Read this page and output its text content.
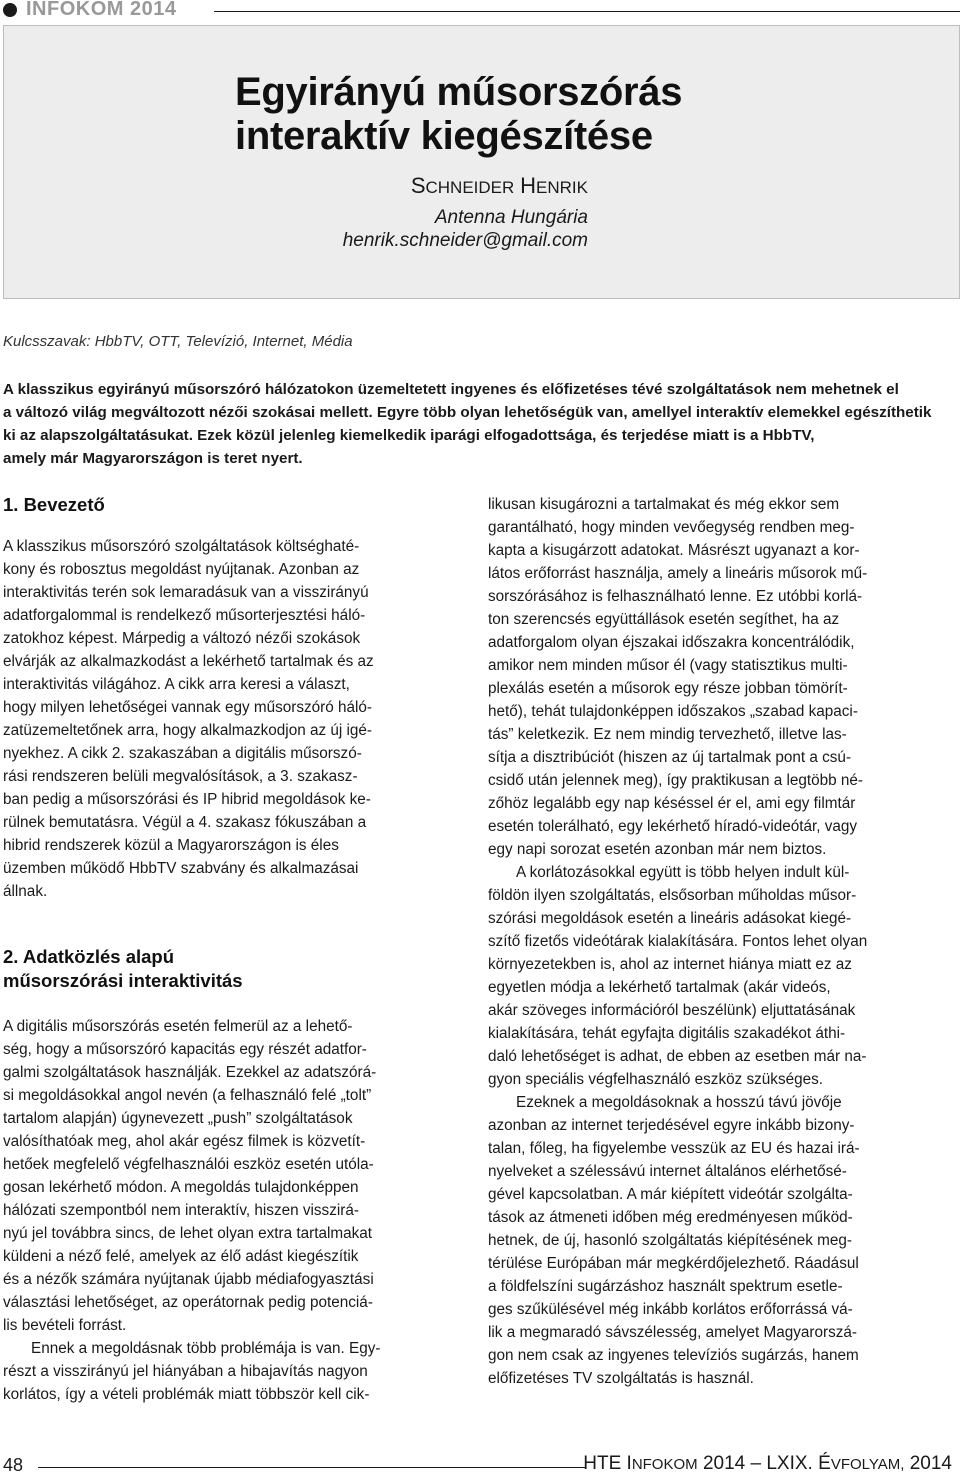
INFOKOM 2014
Egyirányú műsorszórás
interaktív kiegészítése
SCHNEIDER HENRIK
Antenna Hungária
henrik.schneider@gmail.com
Kulcsszavak: HbbTV, OTT, Televízió, Internet, Média
A klasszikus egyirányú műsorszóró hálózatokon üzemeltetett ingyenes és előfizetéses tévé szolgáltatások nem mehetnek el
a változó világ megváltozott nézői szokásai mellett. Egyre több olyan lehetőségük van, amellyel interaktív elemekkel egészíthetik
ki az alapszolgáltatásukat. Ezek közül jelenleg kiemelkedik iparági elfogadottsága, és terjedése miatt is a HbbTV,
amely már Magyarországon is teret nyert.
1. Bevezető
A klasszikus műsorszóró szolgáltatások költséghaté-
kony és robosztus megoldást nyújtanak. Azonban az
interaktivitás terén sok lemaradásuk van a visszirányú
adatforgalommal is rendelkező műsorterjesztési háló-
zatokhoz képest. Márpedig a változó nézői szokások
elvárják az alkalmazkodást a lekérhető tartalmak és az
interaktivitás világához. A cikk arra keresi a választ,
hogy milyen lehetőségei vannak egy műsorszóró háló-
zatüzemeltetőnek arra, hogy alkalmazkodjon az új igé-
nyekhez. A cikk 2. szakaszában a digitális műsorszó-
rási rendszeren belüli megvalósítások, a 3. szakasz-
ban pedig a műsorszórási és IP hibrid megoldások ke-
rülnek bemutatásra. Végül a 4. szakasz fókuszában a
hibrid rendszerek közül a Magyarországon is éles
üzemben működő HbbTV szabvány és alkalmazásai
állnak.
2. Adatközlés alapú
műsorszórási interaktivitás
A digitális műsorszórás esetén felmerül az a lehető-
ség, hogy a műsorszóró kapacitás egy részét adatfor-
galmi szolgáltatások használják. Ezekkel az adatszórá-
si megoldásokkal angol nevén (a felhasználó felé „tolt”
tartalom alapján) úgynevezett „push” szolgáltatások
valósíthatóak meg, ahol akár egész filmek is közvetít-
hetőek megfelelő végfelhasználói eszköz esetén utóla-
gosan lekérhető módon. A megoldás tulajdonképpen
hálózati szempontból nem interaktív, hiszen visszirá-
nyú jel továbbra sincs, de lehet olyan extra tartalmakat
küldeni a néző felé, amelyek az élő adást kiegészítik
és a nézők számára nyújtanak újabb médiafogyasztási
választási lehetőséget, az operátornak pedig potenciá-
lis bevételi forrást.
Ennek a megoldásnak több problémája is van. Egy-
részt a visszirányú jel hiányában a hibajavítás nagyon
korlátos, így a vételi problémák miatt többször kell cik-
likusan kisugározni a tartalmakat és még ekkor sem
garantálható, hogy minden vevőegység rendben meg-
kapta a kisugárzott adatokat. Másrészt ugyanazt a kor-
látos erőforrást használja, amely a lineáris műsorok mű-
sorszórásához is felhasználható lenne. Ez utóbbi korlá-
ton szerencsés együttállások esetén segíthet, ha az
adatforgalom olyan éjszakai időszakra koncentrálódik,
amikor nem minden műsor él (vagy statisztikus multi-
plexálás esetén a műsorok egy része jobban tömörít-
hető), tehát tulajdonképpen időszakos „szabad kapaci-
tás” keletkezik. Ez nem mindig tervezhető, illetve las-
sítja a disztribúciót (hiszen az új tartalmak pont a csú-
csidő után jelennek meg), így praktikusan a legtöbb né-
zőhöz legalább egy nap késéssel ér el, ami egy filmtár
esetén tolerálható, egy lekérhető híradó-videótár, vagy
egy napi sorozat esetén azonban már nem biztos.
A korlátozásokkal együtt is több helyen indult kül-
földön ilyen szolgáltatás, elsősorban műholdas műsor-
szórási megoldások esetén a lineáris adásokat kiegé-
szítő fizetős videótárak kialakítására. Fontos lehet olyan
környezetekben is, ahol az internet hiánya miatt ez az
egyetlen módja a lekérhető tartalmak (akár videós,
akár szöveges információról beszélünk) eljuttatásának
kialakítására, tehát egyfajta digitális szakadékot áthi-
daló lehetőséget is adhat, de ebben az esetben már na-
gyon speciális végfelhasználó eszköz szükséges.
Ezeknek a megoldásoknak a hosszú távú jövője
azonban az internet terjedésével egyre inkább bizony-
talan, főleg, ha figyelembe vesszük az EU és hazai irá-
nyelveket a szélessávú internet általános elérhetősé-
gével kapcsolatban. A már kiépített videótár szolgálta-
tások az átmeneti időben még eredményesen működ-
hetnek, de új, hasonló szolgáltatás kiépítésének meg-
térülése Európában már megkérdőjelezhető. Ráadásul
a földfelszíni sugárzáshoz használt spektrum esetle-
ges szűkülésével még inkább korlátos erőforrássá vá-
lik a megmaradó sávszélesség, amelyet Magyarorszá-
gon nem csak az ingyenes televíziós sugárzás, hanem
előfizetéses TV szolgáltatás is használ.
48	HTE INFOKOM 2014 – LXIX. ÉVFOLYAM, 2014
